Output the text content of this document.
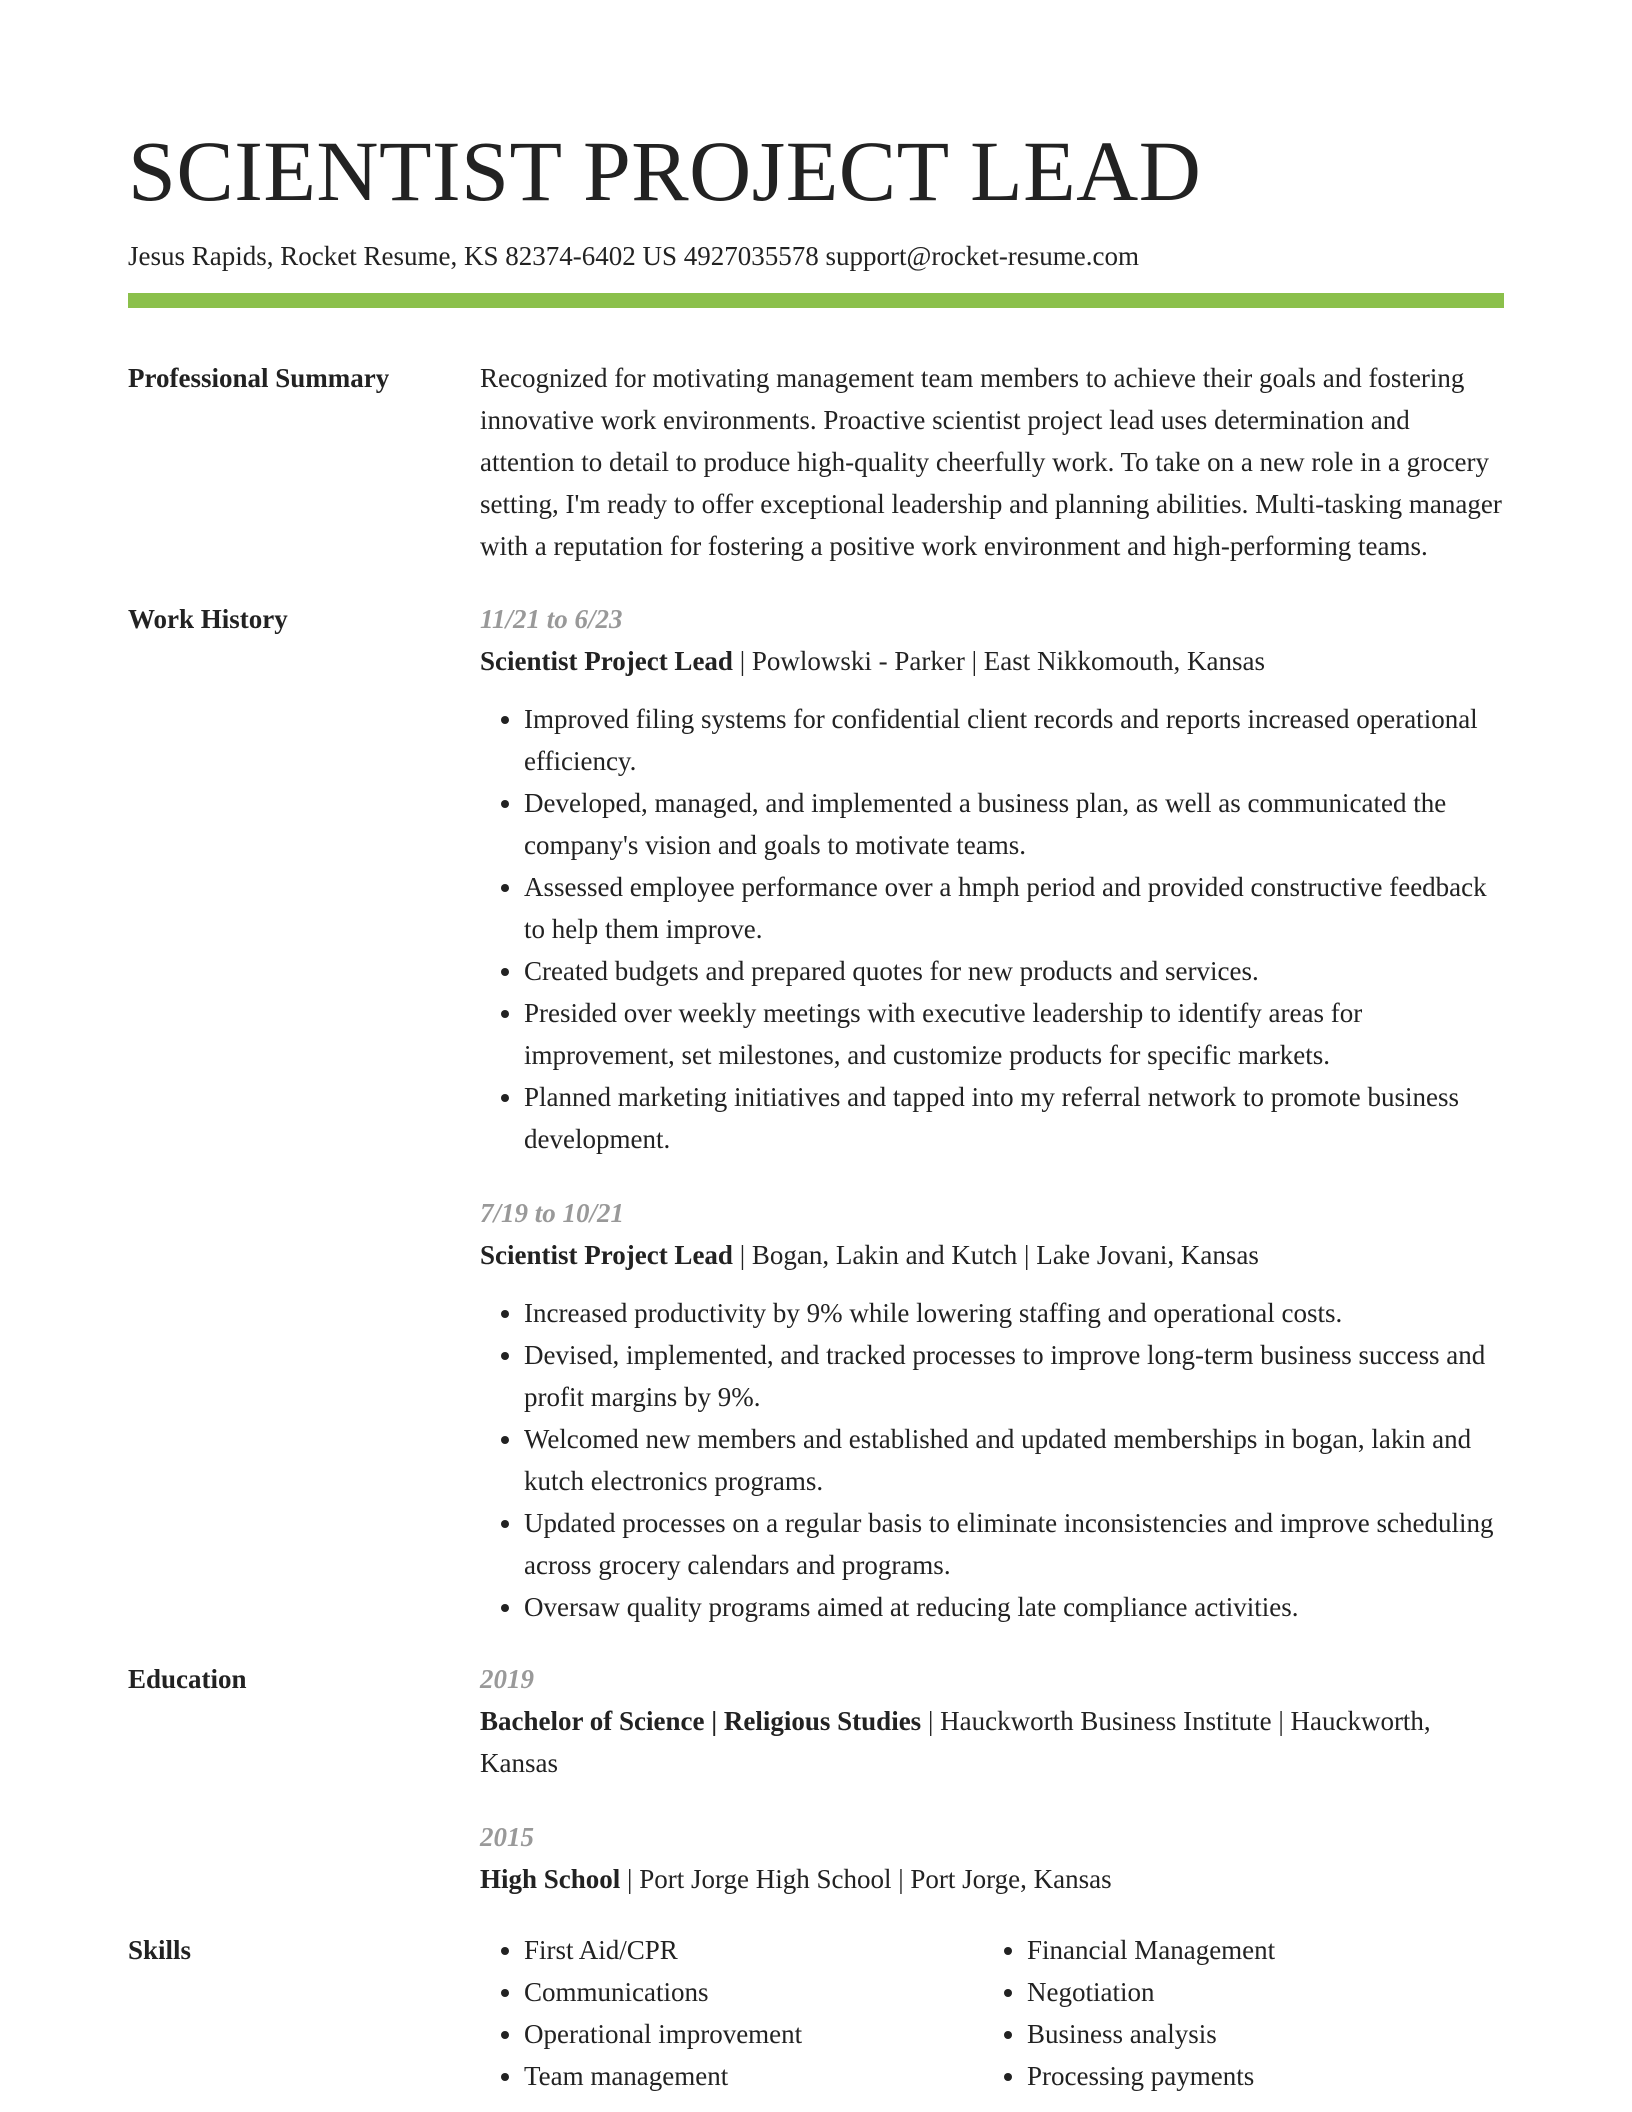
SCIENTIST PROJECT LEAD
Jesus Rapids, Rocket Resume, KS 82374-6402 US 4927035578 support@rocket-resume.com
Professional Summary	Recognized for motivating management team members to achieve their goals and fostering innovative work environments. Proactive scientist project lead uses determination and attention to detail to produce high-quality cheerfully work. To take on a new role in a grocery setting, I'm ready to offer exceptional leadership and planning abilities. Multi-tasking manager with a reputation for fostering a positive work environment and high-performing teams.
Work History	11/21 to 6/23
Scientist Project Lead | Powlowski - Parker | East Nikkomouth, Kansas
• Improved filing systems for confidential client records and reports increased operational efficiency.
• Developed, managed, and implemented a business plan, as well as communicated the company's vision and goals to motivate teams.
• Assessed employee performance over a hmph period and provided constructive feedback to help them improve.
• Created budgets and prepared quotes for new products and services.
• Presided over weekly meetings with executive leadership to identify areas for improvement, set milestones, and customize products for specific markets.
• Planned marketing initiatives and tapped into my referral network to promote business development.
7/19 to 10/21
Scientist Project Lead | Bogan, Lakin and Kutch | Lake Jovani, Kansas
• Increased productivity by 9% while lowering staffing and operational costs.
• Devised, implemented, and tracked processes to improve long-term business success and profit margins by 9%.
• Welcomed new members and established and updated memberships in bogan, lakin and kutch electronics programs.
• Updated processes on a regular basis to eliminate inconsistencies and improve scheduling across grocery calendars and programs.
• Oversaw quality programs aimed at reducing late compliance activities.
Education	2019
Bachelor of Science | Religious Studies | Hauckworth Business Institute | Hauckworth, Kansas
2015
High School | Port Jorge High School | Port Jorge, Kansas
Skills
•	First Aid/CPR
• Communications
• Operational improvement
• Team management
• Financial Management
• Negotiation
• Business analysis
• Processing payments
